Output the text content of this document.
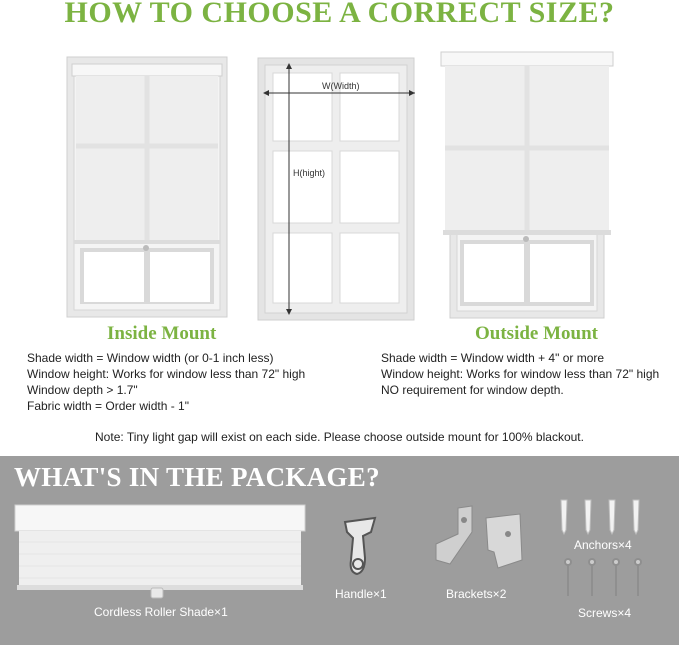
HOW TO CHOOSE A CORRECT SIZE?
W(Width)
H(hight)
Inside Mount	Outside Mount
Shade width = Window width (or 0-1 inch less)
Window height: Works for window less than 72" high
Window depth > 1.7"
Fabric width = Order width - 1"
Shade width = Window width + 4" or more
Window height: Works for window less than 72" high
NO requirement for window depth.
Note: Tiny light gap will exist on each side. Please choose outside mount for 100% blackout.
WHAT'S IN THE PACKAGE?
Cordless Roller Shade×1
Handle×1	Brackets×2
Anchors×4
Screws×4
